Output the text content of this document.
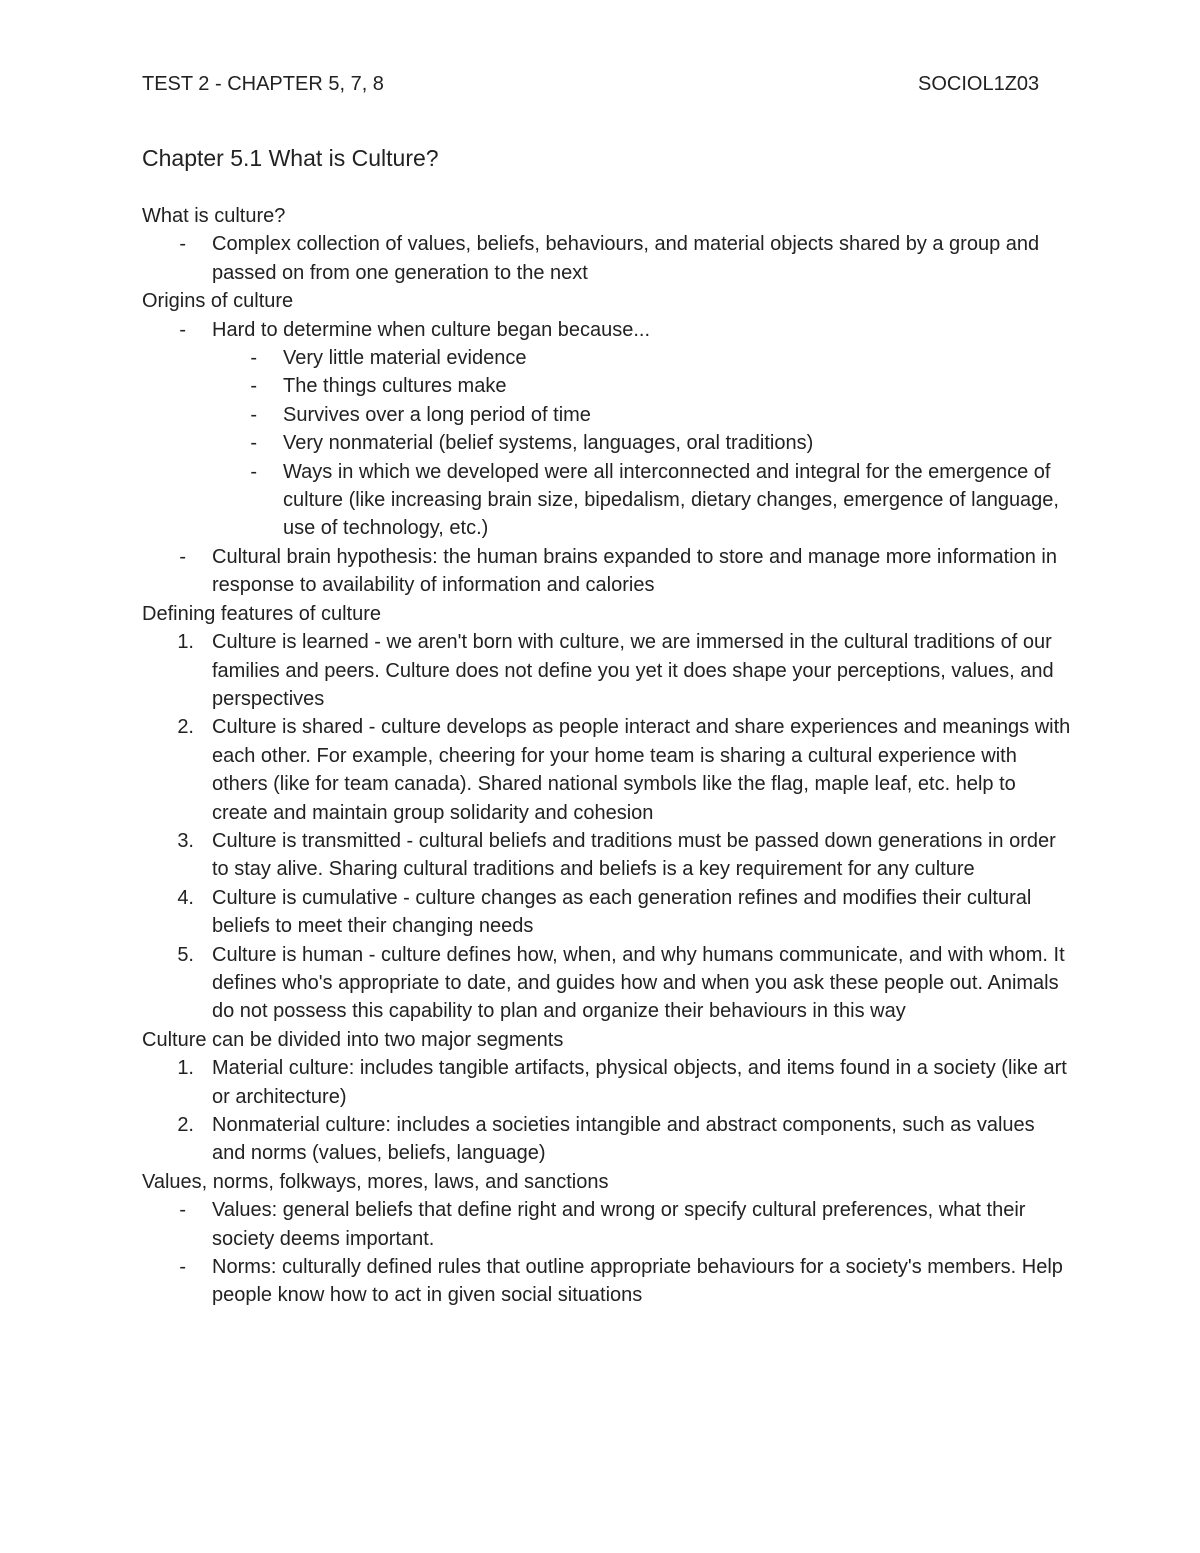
TEST 2 - CHAPTER 5, 7, 8	SOCIOL1Z03
Chapter 5.1 What is Culture?
What is culture?
- Complex collection of values, beliefs, behaviours, and material objects shared by a group and passed on from one generation to the next
Origins of culture
- Hard to determine when culture began because...
- Very little material evidence
- The things cultures make
- Survives over a long period of time
- Very nonmaterial (belief systems, languages, oral traditions)
- Ways in which we developed were all interconnected and integral for the emergence of culture (like increasing brain size, bipedalism, dietary changes, emergence of language, use of technology, etc.)
- Cultural brain hypothesis: the human brains expanded to store and manage more information in response to availability of information and calories
Defining features of culture
1. Culture is learned - we aren't born with culture, we are immersed in the cultural traditions of our families and peers. Culture does not define you yet it does shape your perceptions, values, and perspectives
2. Culture is shared - culture develops as people interact and share experiences and meanings with each other. For example, cheering for your home team is sharing a cultural experience with others (like for team canada). Shared national symbols like the flag, maple leaf, etc. help to create and maintain group solidarity and cohesion
3. Culture is transmitted - cultural beliefs and traditions must be passed down generations in order to stay alive. Sharing cultural traditions and beliefs is a key requirement for any culture
4. Culture is cumulative - culture changes as each generation refines and modifies their cultural beliefs to meet their changing needs
5. Culture is human - culture defines how, when, and why humans communicate, and with whom. It defines who's appropriate to date, and guides how and when you ask these people out. Animals do not possess this capability to plan and organize their behaviours in this way
Culture can be divided into two major segments
1. Material culture: includes tangible artifacts, physical objects, and items found in a society (like art or architecture)
2. Nonmaterial culture: includes a societies intangible and abstract components, such as values and norms (values, beliefs, language)
Values, norms, folkways, mores, laws, and sanctions
- Values: general beliefs that define right and wrong or specify cultural preferences, what their society deems important.
- Norms: culturally defined rules that outline appropriate behaviours for a society's members. Help people know how to act in given social situations
